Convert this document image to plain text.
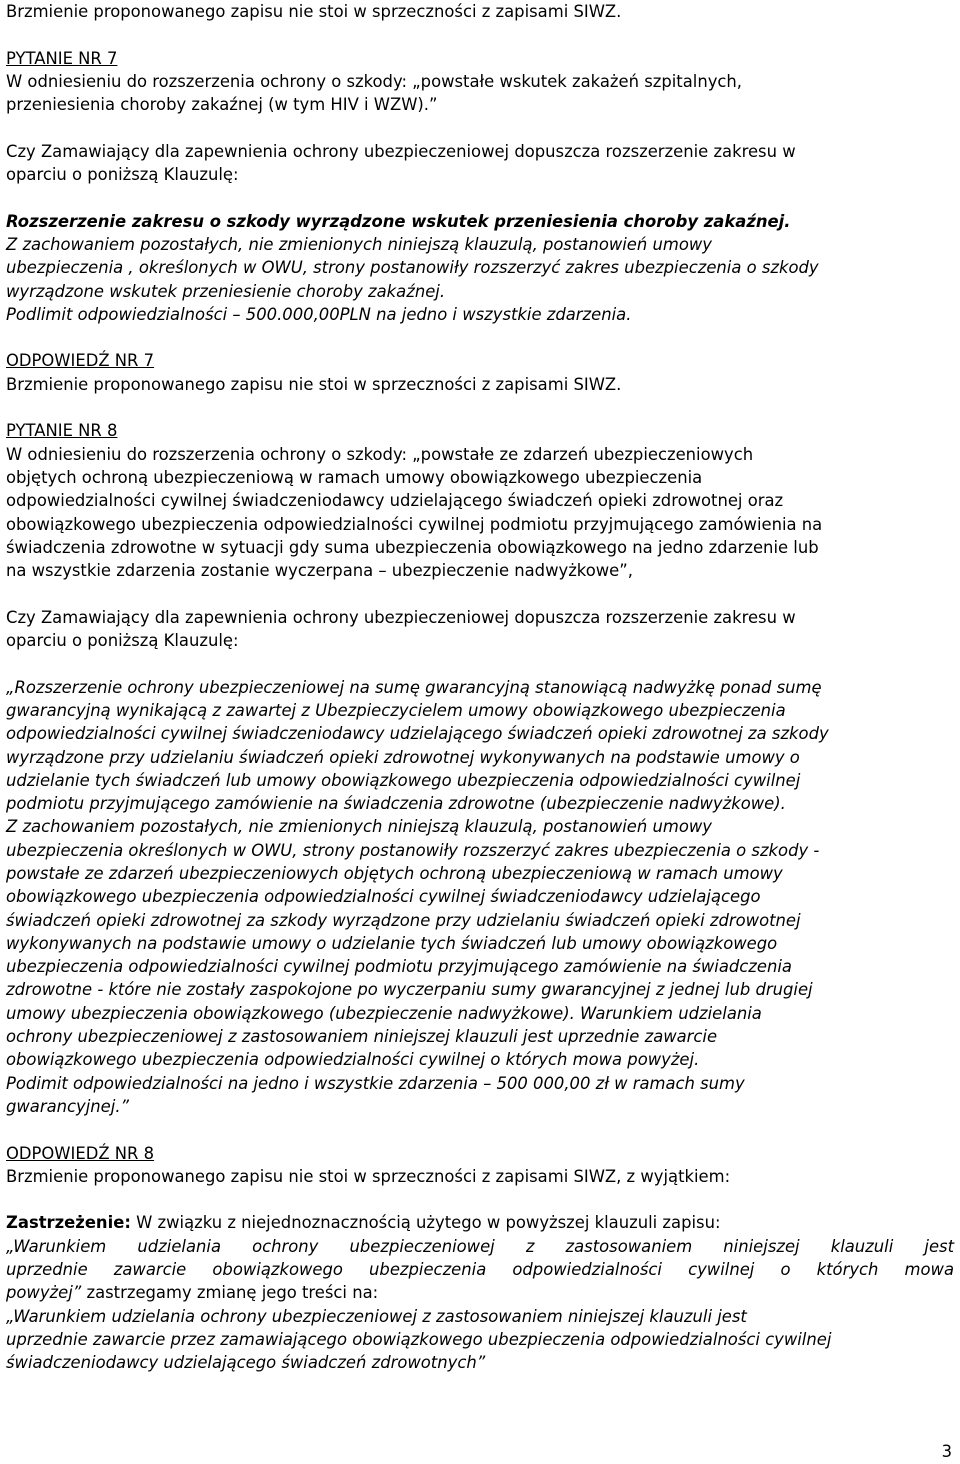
Brzmienie proponowanego zapisu nie stoi w sprzeczności z zapisami SIWZ.

PYTANIE NR 7

W odniesieniu do rozszerzenia ochrony o szkody: „powstałe wskutek zakażeń szpitalnych,

przeniesienia choroby zakaźnej (w tym HIV i WZW).”

Czy Zamawiający dla zapewnienia ochrony ubezpieczeniowej dopuszcza rozszerzenie zakresu w

oparciu o poniższą Klauzulę:

Rozszerzenie zakresu o szkody wyrządzone wskutek przeniesienia choroby zakaźnej.

Z zachowaniem pozostałych, nie zmienionych niniejszą klauzulą, postanowień umowy

ubezpieczenia , określonych w OWU, strony postanowiły rozszerzyć zakres ubezpieczenia o szkody

wyrządzone wskutek przeniesienie choroby zakaźnej.

Podlimit odpowiedzialności – 500.000,00PLN na jedno i wszystkie zdarzenia.

ODPOWIEDŹ NR 7

Brzmienie proponowanego zapisu nie stoi w sprzeczności z zapisami SIWZ.

PYTANIE NR 8

W odniesieniu do rozszerzenia ochrony o szkody: „powstałe ze zdarzeń ubezpieczeniowych

objętych ochroną ubezpieczeniową w ramach umowy obowiązkowego ubezpieczenia

odpowiedzialności cywilnej świadczeniodawcy udzielającego świadczeń opieki zdrowotnej oraz

obowiązkowego ubezpieczenia odpowiedzialności cywilnej podmiotu przyjmującego zamówienia na

świadczenia zdrowotne w sytuacji gdy suma ubezpieczenia obowiązkowego na jedno zdarzenie lub

na wszystkie zdarzenia zostanie wyczerpana – ubezpieczenie nadwyżkowe”,

Czy Zamawiający dla zapewnienia ochrony ubezpieczeniowej dopuszcza rozszerzenie zakresu w

oparciu o poniższą Klauzulę:

„Rozszerzenie ochrony ubezpieczeniowej na sumę gwarancyjną stanowiącą nadwyżkę ponad sumę

gwarancyjną wynikającą z zawartej z Ubezpieczycielem umowy obowiązkowego ubezpieczenia

odpowiedzialności cywilnej świadczeniodawcy udzielającego świadczeń opieki zdrowotnej za szkody

wyrządzone przy udzielaniu świadczeń opieki zdrowotnej wykonywanych na podstawie umowy o

udzielanie tych świadczeń lub umowy obowiązkowego ubezpieczenia odpowiedzialności cywilnej

podmiotu przyjmującego zamówienie na świadczenia zdrowotne (ubezpieczenie nadwyżkowe).

Z zachowaniem pozostałych, nie zmienionych niniejszą klauzulą, postanowień umowy

ubezpieczenia określonych w OWU, strony postanowiły rozszerzyć zakres ubezpieczenia o szkody -

powstałe ze zdarzeń ubezpieczeniowych objętych ochroną ubezpieczeniową w ramach umowy

obowiązkowego ubezpieczenia odpowiedzialności cywilnej świadczeniodawcy udzielającego

świadczeń opieki zdrowotnej za szkody wyrządzone przy udzielaniu świadczeń opieki zdrowotnej

wykonywanych na podstawie umowy o udzielanie tych świadczeń lub umowy obowiązkowego

ubezpieczenia odpowiedzialności cywilnej podmiotu przyjmującego zamówienie na świadczenia

zdrowotne - które nie zostały zaspokojone po wyczerpaniu sumy gwarancyjnej z jednej lub drugiej

umowy ubezpieczenia obowiązkowego (ubezpieczenie nadwyżkowe). Warunkiem udzielania

ochrony ubezpieczeniowej z zastosowaniem niniejszej klauzuli jest uprzednie zawarcie

obowiązkowego ubezpieczenia odpowiedzialności cywilnej o których mowa powyżej.

Podimit odpowiedzialności na jedno i wszystkie zdarzenia – 500 000,00 zł w ramach sumy

gwarancyjnej.”

ODPOWIEDŹ NR 8

Brzmienie proponowanego zapisu nie stoi w sprzeczności z zapisami SIWZ, z wyjątkiem:

Zastrzeżenie: W związku z niejednoznacznością użytego w powyższej klauzuli zapisu:

„Warunkiem udzielania ochrony ubezpieczeniowej z zastosowaniem niniejszej klauzuli jest

uprzednie zawarcie obowiązkowego ubezpieczenia odpowiedzialności cywilnej o których mowa

powyżej” zastrzegamy zmianę jego treści na:

„Warunkiem udzielania ochrony ubezpieczeniowej z zastosowaniem niniejszej klauzuli jest

uprzednie zawarcie przez zamawiającego obowiązkowego ubezpieczenia odpowiedzialności cywilnej

świadczeniodawcy udzielającego świadczeń zdrowotnych”

3
